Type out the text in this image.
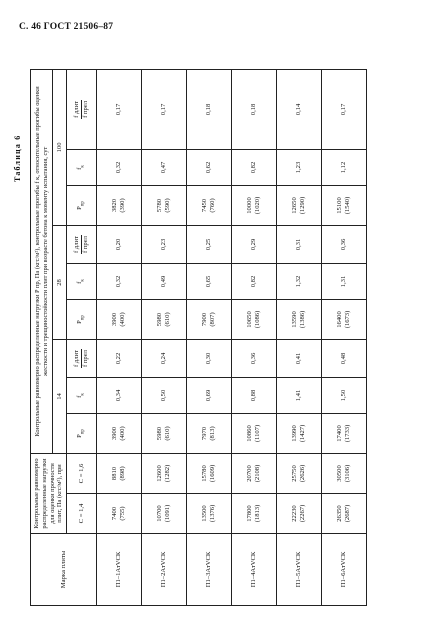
С. 46 ГОСТ 21506–87
Таблица 6
Марка плиты	Контрольные равномерно распределенные нагрузки для оценки прочности плит, Па (кгс/м²), при		Контрольные равномерно распределенные нагрузки P пр, Па (кгс/м²), контрольные прогибы f к, относительные прогибы оценки жесткости и трещиностойкости плит при возрасте бетона к моменту испытания, сут								
			14			28			100		
	C = 1,4	C = 1,6	$P_{пр}$	$f_к$	f длит f прел	$P_{пр}$	$f_к$	f длит f прел	$P_{пр}$	$f_к$	f длит f прел

П1–1АтVСК	7400 (755)	8810 (898)	3900 (400)	0,34	0,22	3900 (400)	0,32	0,20	3820 (390)	0,32	0,17
П1–2АтVСК	10700 (1091)	12600 (1282)	5980 (610)	0,50	0,24	5980 (610)	0,49	0,23	5780 (590)	0,47	0,17
П1–3АтVСК	13500 (1376)	15780 (1609)	7970 (813)	0,69	0,30	7900 (807)	0,65	0,25	7450 (760)	0,62	0,18
П1–4АтVСК	17800 (1813)	20700 (2108)	10860 (1107)	0,88	0,36	10650 (1086)	0,82	0,29	10000 (1020)	0,82	0,18
П1–5АтVСК	22230 (2267)	25750 (2626)	13990 (1427)	1,41	0,41	13590 (1386)	1,32	0,31	12650 (1290)	1,23	0,14
П1–6АтVСК	26350 (2687)	30500 (3106)	17400 (1733)	1,50	0,48	16400 (1673)	1,31	0,36	15100 (1540)	1,12	0,17
